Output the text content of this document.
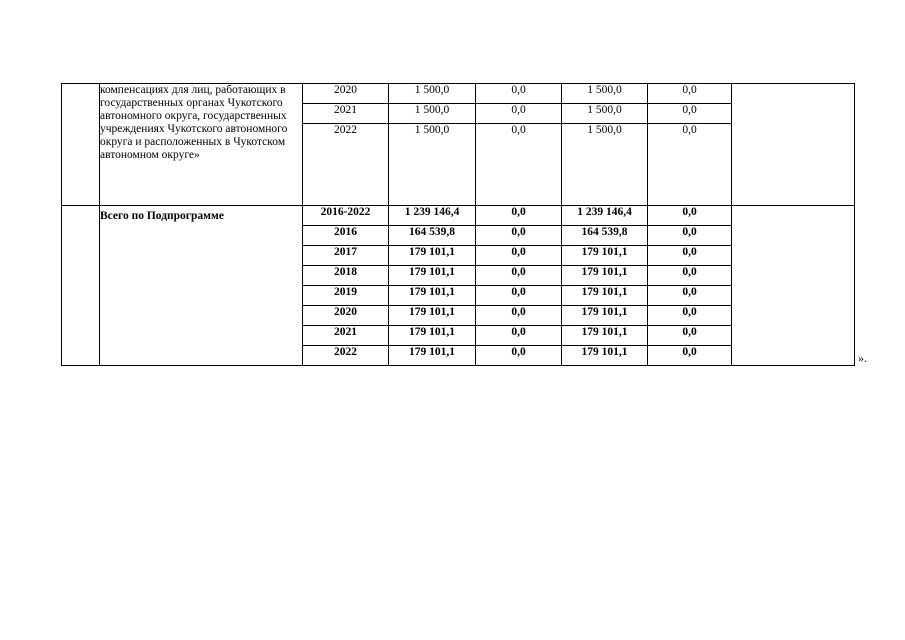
	компенсациях для лиц, работающих в государственных органах Чукотского автономного округа, государственных учреждениях Чукотского автономного округа и расположенных в Чукотском автономном округе»	2020	1 500,0	0,0	1 500,0	0,0	
		2021	1 500,0	0,0	1 500,0	0,0	
		2022	1 500,0	0,0	1 500,0	0,0	
	Всего по Подпрограмме	2016-2022	1 239 146,4	0,0	1 239 146,4	0,0	
		2016	164 539,8	0,0	164 539,8	0,0	
		2017	179 101,1	0,0	179 101,1	0,0	
		2018	179 101,1	0,0	179 101,1	0,0	
		2019	179 101,1	0,0	179 101,1	0,0	
		2020	179 101,1	0,0	179 101,1	0,0	
		2021	179 101,1	0,0	179 101,1	0,0	
		2022	179 101,1	0,0	179 101,1	0,0		».
